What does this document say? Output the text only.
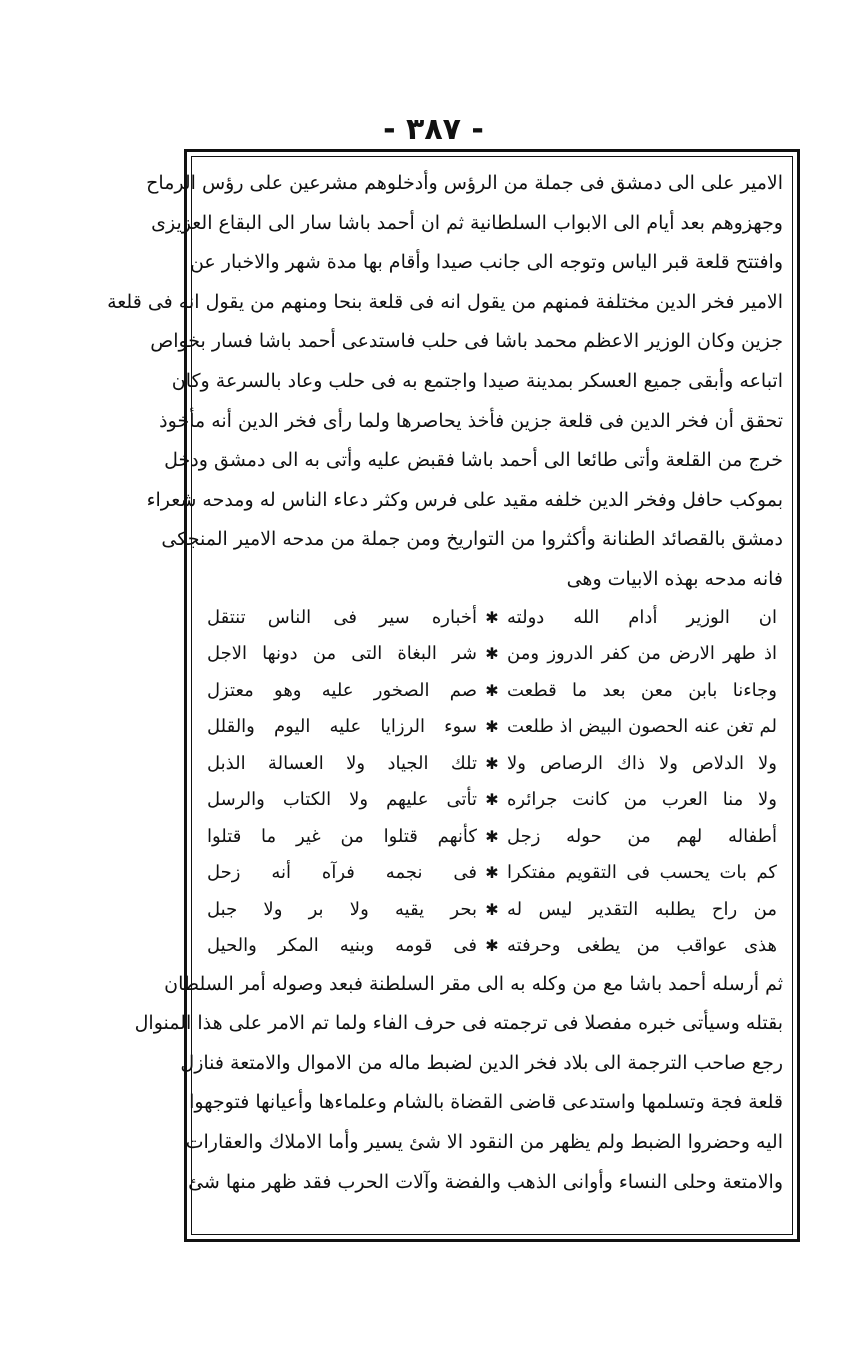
- ٣٨٧ -
الامير على الى دمشق فى جملة من الرؤس وأدخلوهم مشرعين على رؤس الرماح
وجهزوهم بعد أيام الى الابواب السلطانية ثم ان أحمد باشا سار الى البقاع العزيزى
وافتتح قلعة قبر الياس وتوجه الى جانب صيدا وأقام بها مدة شهر والاخبار عن
الامير فخر الدين مختلفة فمنهم من يقول انه فى قلعة بنحا ومنهم من يقول انه فى قلعة
جزين وكان الوزير الاعظم محمد باشا فى حلب فاستدعى أحمد باشا فسار بخواص
اتباعه وأبقى جميع العسكر بمدينة صيدا واجتمع به فى حلب وعاد بالسرعة وكان
تحقق أن فخر الدين فى قلعة جزين فأخذ يحاصرها ولما رأى فخر الدين أنه مأخوذ
خرج من القلعة وأتى طائعا الى أحمد باشا فقبض عليه وأتى به الى دمشق ودخل
بموكب حافل وفخر الدين خلفه مقيد على فرس وكثر دعاء الناس له ومدحه شعراء
دمشق بالقصائد الطنانة وأكثروا من التواريخ ومن جملة من مدحه الامير المنجكى
فانه مدحه بهذه الابيات وهى
ان الوزير أدام الله دولته
✱
أخباره سير فى الناس تنتقل
اذ طهر الارض من كفر الدروز ومن
✱
شر البغاة التى من دونها الاجل
وجاءنا بابن معن بعد ما قطعت
✱
صم الصخور عليه وهو معتزل
لم تغن عنه الحصون البيض اذ طلعت
✱
سوء الرزايا عليه اليوم والقلل
ولا الدلاص ولا ذاك الرصاص ولا
✱
تلك الجياد ولا العسالة الذبل
ولا منا العرب من كانت جرائره
✱
تأتى عليهم ولا الكتاب والرسل
أطفاله لهم من حوله زجل
✱
كأنهم قتلوا من غير ما قتلوا
كم بات يحسب فى التقويم مفتكرا
✱
فى نجمه فرآه أنه زحل
من راح يطلبه التقدير ليس له
✱
بحر يقيه ولا بر ولا جبل
هذى عواقب من يطغى وحرفته
✱
فى قومه وبنيه المكر والحيل
ثم أرسله أحمد باشا مع من وكله به الى مقر السلطنة فبعد وصوله أمر السلطان
بقتله وسيأتى خبره مفصلا فى ترجمته فى حرف الفاء ولما تم الامر على هذا المنوال
رجع صاحب الترجمة الى بلاد فخر الدين لضبط ماله من الاموال والامتعة فنازل
قلعة فجة وتسلمها واستدعى قاضى القضاة بالشام وعلماءها وأعيانها فتوجهوا
اليه وحضروا الضبط ولم يظهر من النقود الا شئ يسير وأما الاملاك والعقارات
والامتعة وحلى النساء وأوانى الذهب والفضة وآلات الحرب فقد ظهر منها شئ
